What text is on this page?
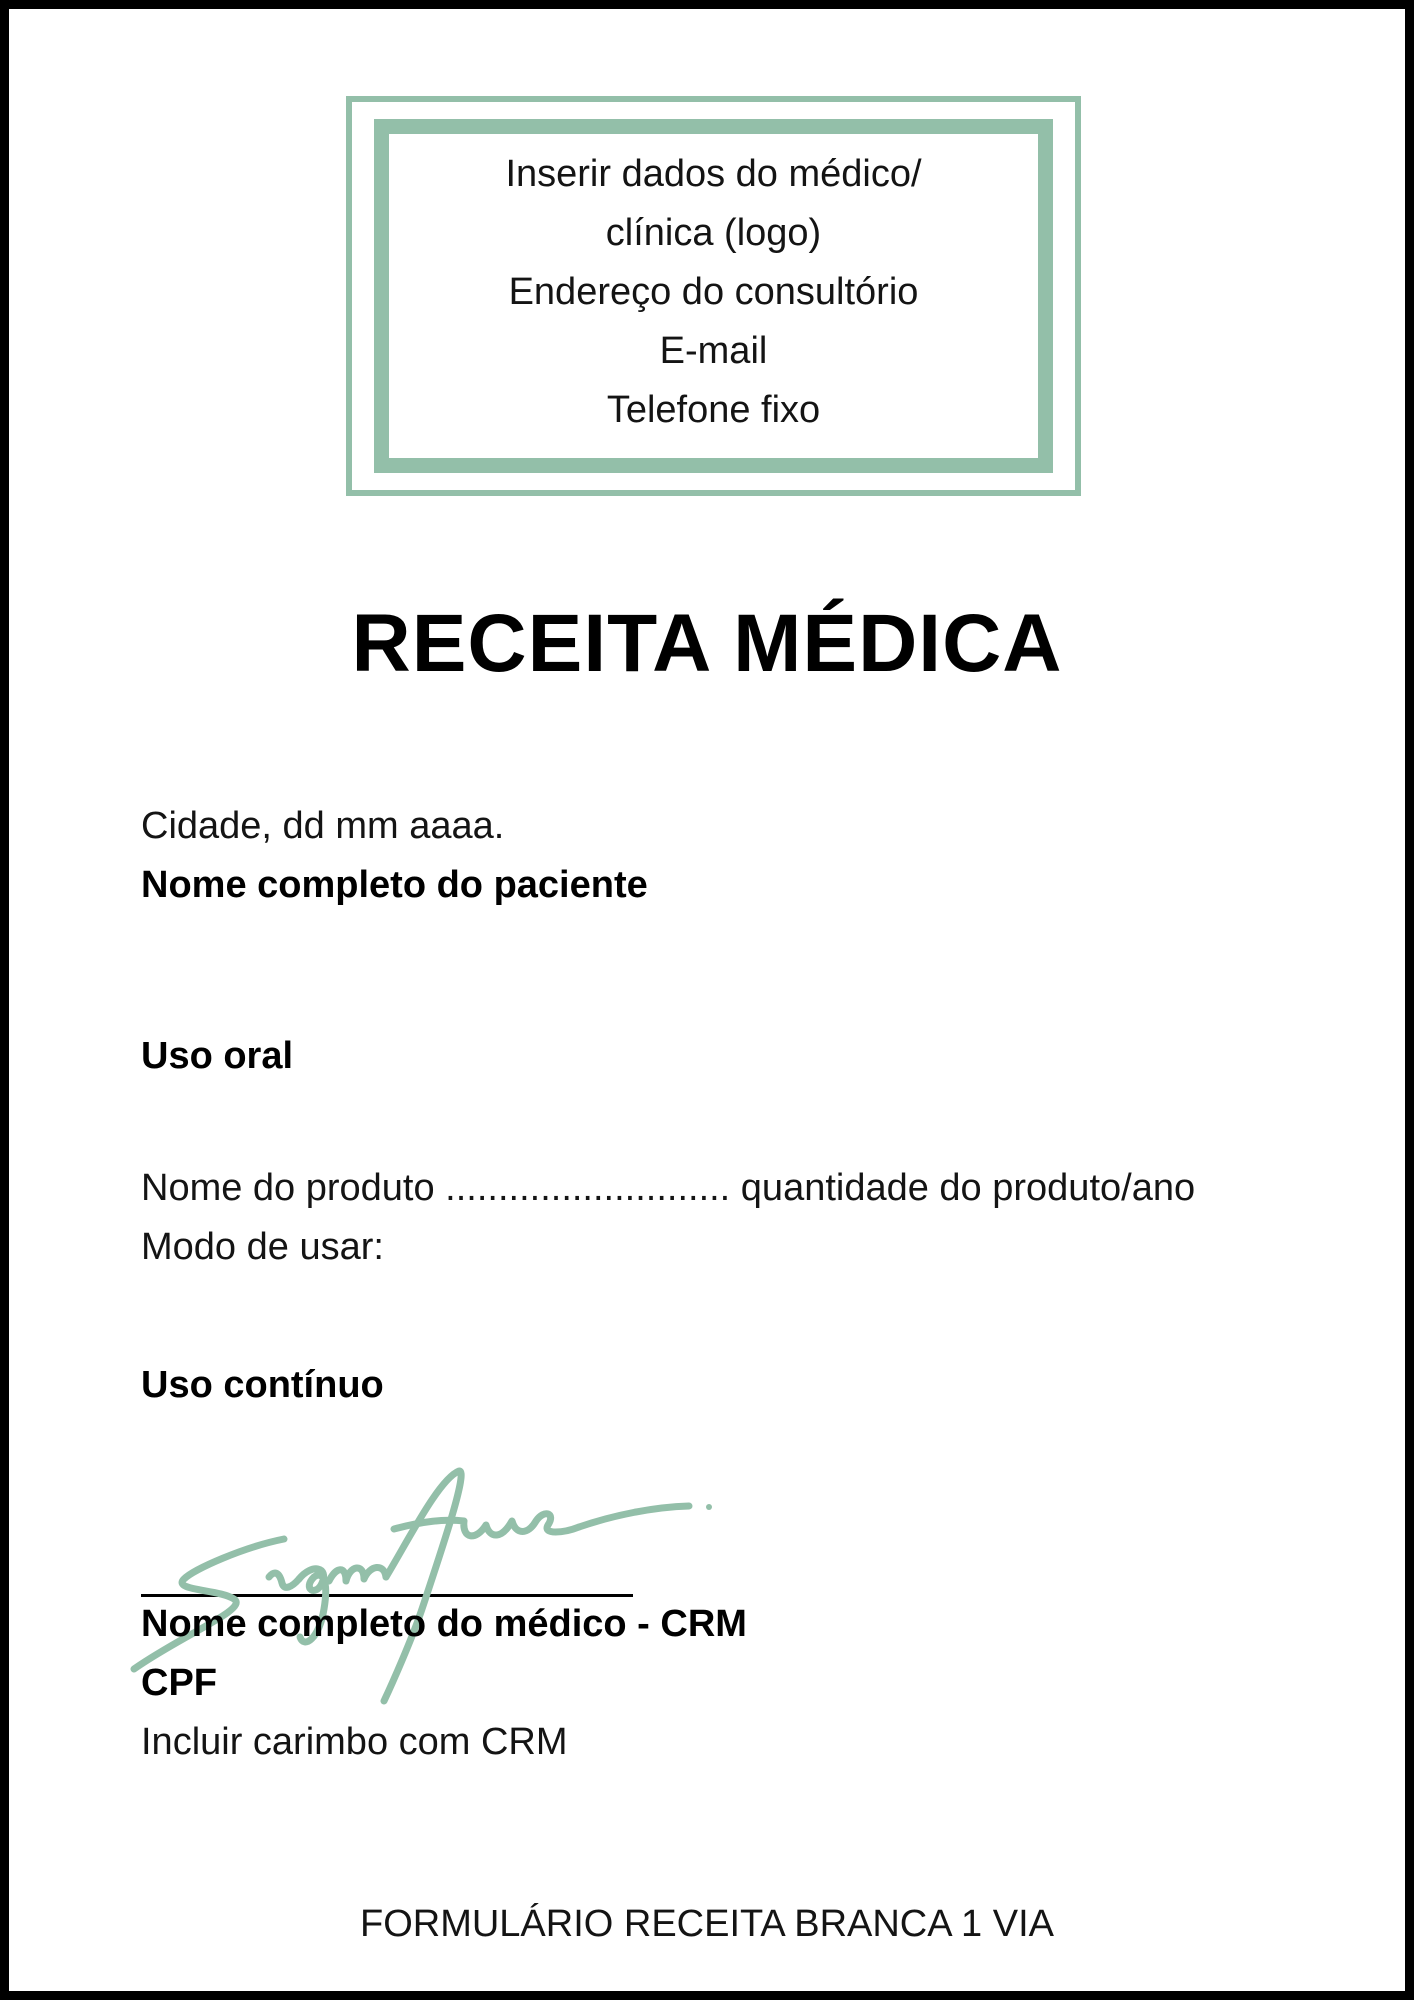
Inserir dados do médico/
clínica (logo)
Endereço do consultório
E-mail
Telefone fixo
RECEITA MÉDICA
Cidade, dd mm aaaa.
Nome completo do paciente
Uso oral
Nome do produto ........................... quantidade do produto/ano
Modo de usar:
Uso contínuo
Nome completo do médico - CRM
CPF
Incluir carimbo com CRM
FORMULÁRIO RECEITA BRANCA 1 VIA
